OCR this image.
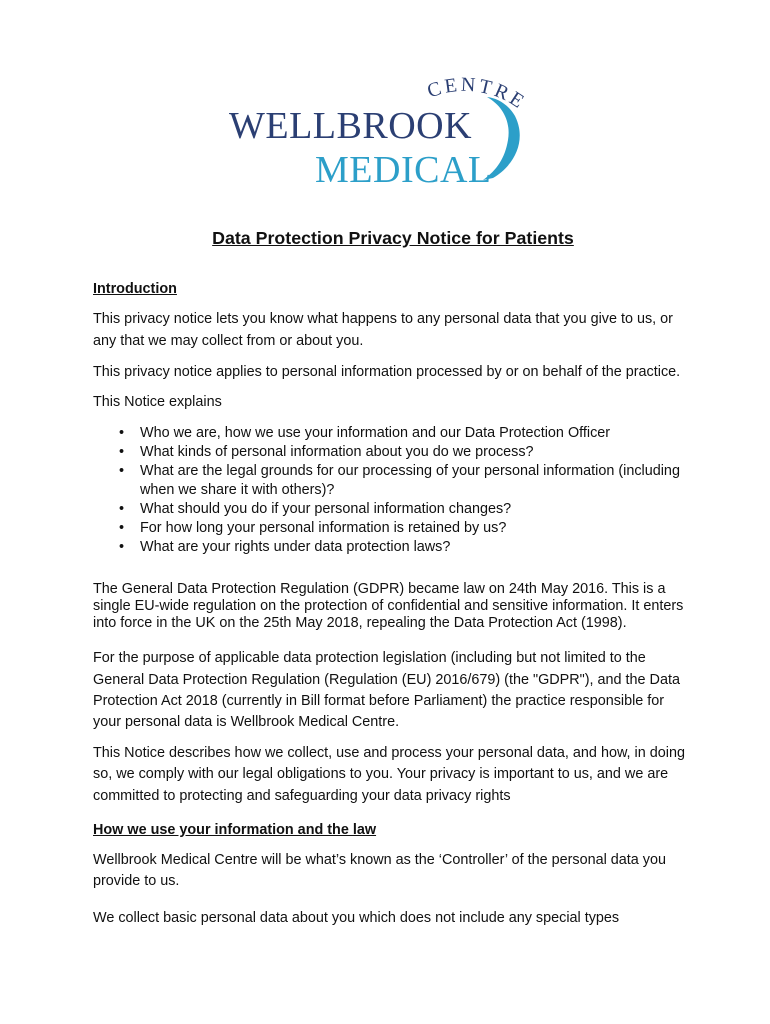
WELLBROOK
MEDICAL
CENTRE
Data Protection Privacy Notice for Patients
Introduction

This privacy notice lets you know what happens to any personal data that you give to us, or any that we may collect from or about you.

This privacy notice applies to personal information processed by or on behalf of the practice.

This Notice explains

• Who we are, how we use your information and our Data Protection Officer
• What kinds of personal information about you do we process?
• What are the legal grounds for our processing of your personal information (including when we share it with others)?
• What should you do if your personal information changes?
• For how long your personal information is retained by us?
• What are your rights under data protection laws?

The General Data Protection Regulation (GDPR) became law on 24th May 2016. This is a single EU-wide regulation on the protection of confidential and sensitive information. It enters into force in the UK on the 25th May 2018, repealing the Data Protection Act (1998).

For the purpose of applicable data protection legislation (including but not limited to the General Data Protection Regulation (Regulation (EU) 2016/679) (the "GDPR"), and the Data Protection Act 2018 (currently in Bill format before Parliament) the practice responsible for your personal data is Wellbrook Medical Centre.

This Notice describes how we collect, use and process your personal data, and how, in doing so, we comply with our legal obligations to you. Your privacy is important to us, and we are committed to protecting and safeguarding your data privacy rights

How we use your information and the law

Wellbrook Medical Centre will be what’s known as the ‘Controller’ of the personal data you provide to us.

We collect basic personal data about you which does not include any special types
